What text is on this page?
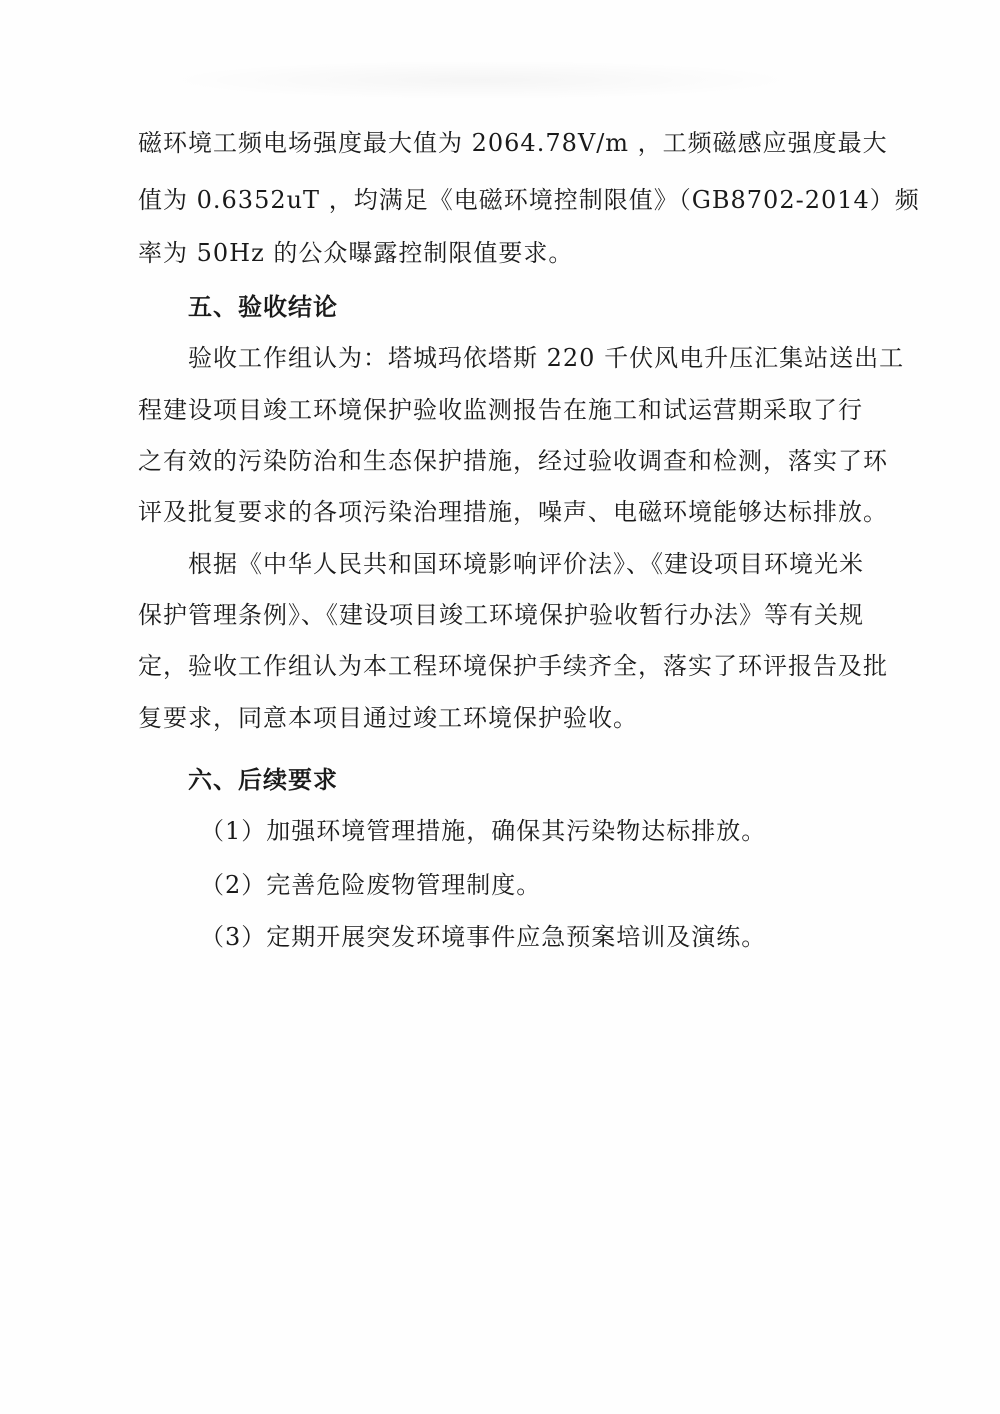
磁环境工频电场强度最大值为 2064.78V/m ，工频磁感应强度最大
值为 0.6352uT ，均满足《电磁环境控制限值》（GB8702-2014）频
率为 50Hz 的公众曝露控制限值要求。
五、验收结论
验收工作组认为：塔城玛依塔斯 220 千伏风电升压汇集站送出工
程建设项目竣工环境保护验收监测报告在施工和试运营期采取了行
之有效的污染防治和生态保护措施，经过验收调查和检测，落实了环
评及批复要求的各项污染治理措施，噪声、电磁环境能够达标排放。
根据《中华人民共和国环境影响评价法》、《建设项目环境光米
保护管理条例》、《建设项目竣工环境保护验收暂行办法》等有关规
定，验收工作组认为本工程环境保护手续齐全，落实了环评报告及批
复要求，同意本项目通过竣工环境保护验收。
六、后续要求
（1）加强环境管理措施，确保其污染物达标排放。
（2）完善危险废物管理制度。
（3）定期开展突发环境事件应急预案培训及演练。
